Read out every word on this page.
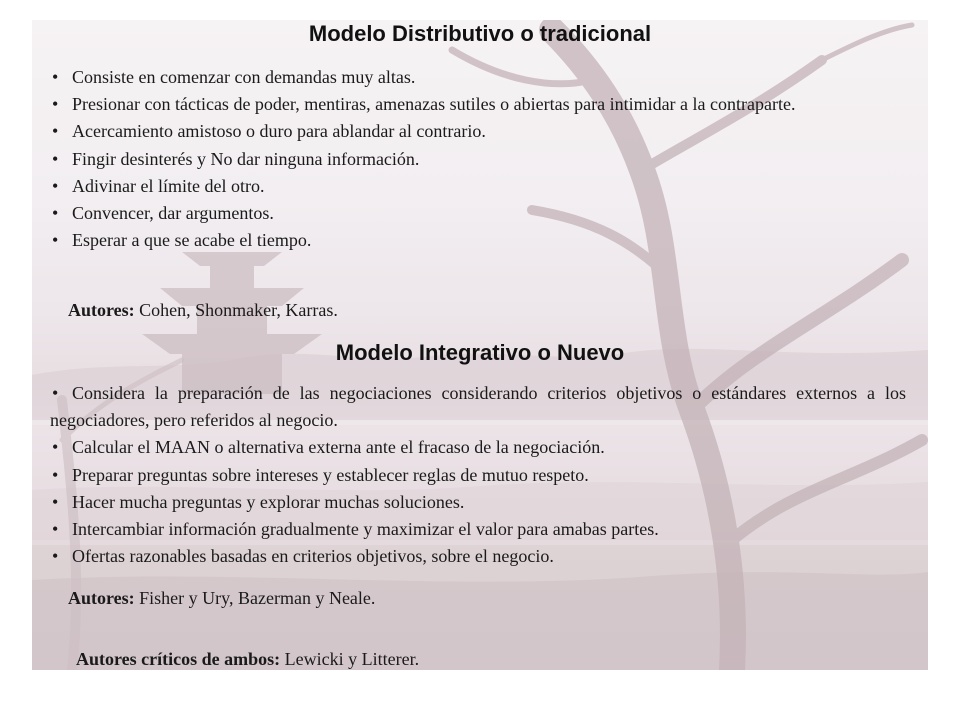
Modelo Distributivo o tradicional
• Consiste en comenzar con demandas muy altas.
• Presionar con tácticas de poder, mentiras, amenazas sutiles o abiertas para intimidar a la contraparte.
• Acercamiento amistoso o duro para ablandar al contrario.
• Fingir desinterés y No dar ninguna información.
• Adivinar el límite del otro.
• Convencer, dar argumentos.
• Esperar a que se acabe el tiempo.
Autores: Cohen, Shonmaker, Karras.
Modelo Integrativo o Nuevo
• Considera la preparación de las negociaciones considerando criterios objetivos o estándares externos a los negociadores, pero referidos al negocio.
• Calcular el MAAN o alternativa externa ante el fracaso de la negociación.
• Preparar preguntas sobre intereses y establecer reglas de mutuo respeto.
• Hacer mucha preguntas y explorar muchas soluciones.
• Intercambiar información gradualmente y maximizar el valor para amabas partes.
• Ofertas razonables basadas en criterios objetivos, sobre el negocio.
Autores: Fisher y Ury, Bazerman y Neale.
Autores críticos de ambos: Lewicki y Litterer.
